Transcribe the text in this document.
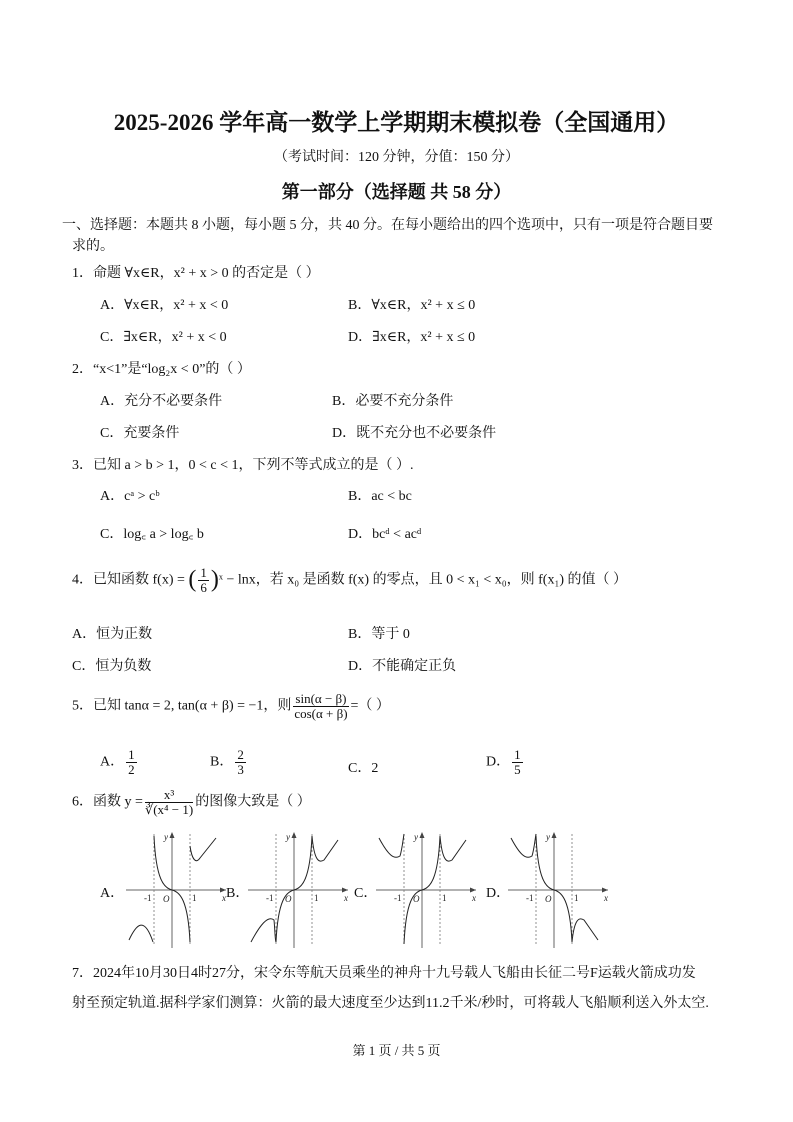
2025-2026 学年高一数学上学期期末模拟卷（全国通用）
（考试时间：120 分钟，分值：150 分）
第一部分（选择题 共 58 分）
一、选择题：本题共 8 小题，每小题 5 分，共 40 分。在每小题给出的四个选项中，只有一项是符合题目要
求的。
1．命题 ∀x∈R，x² + x > 0 的否定是（ ）
A．∀x∈R，x² + x < 0	B．∀x∈R，x² + x ≤ 0
C．∃x∈R，x² + x < 0	D．∃x∈R，x² + x ≤ 0
2．“x<1”是“log₂x < 0”的（ ）
A．充分不必要条件	B．必要不充分条件
C．充要条件	D．既不充分也不必要条件
3．已知 a > b > 1，0 < c < 1，下列不等式成立的是（ ）.
A．cᵃ > cᵇ	B．ac < bc
C．log꜀ a > log꜀ b	D．bcᵈ < acᵈ
4．已知函数 f(x) = ( $\frac{1}{6}$ )ˣ − lnx，若 x₀ 是函数 f(x) 的零点，且 0 < x₁ < x₀，则 f(x₁) 的值（ ）
A．恒为正数	B．等于 0
C．恒为负数	D．不能确定正负
5．已知 tanα = 2, tan(α + β) = −1，则 $\frac{\sin(\alpha - \beta)}{\cos(\alpha + \beta)}$ =（ ）
A． $\frac{1}{2}$	B． $\frac{2}{3}$	C．2	D． $\frac{1}{5}$
6．函数 $y = \frac{\text{x³}}{\text{∛(x⁴ − 1)}}$ 的图像大致是（ ）
A．	B．	C．	D．
-1 O	1	x
y
-1 O	1	x
y
-1 O	1	x
y
-1 O	1	x
y
7．2024年10月30日4时27分，宋令东等航天员乘坐的神舟十九号载人飞船由长征二号F运载火箭成功发
射至预定轨道.据科学家们测算：火箭的最大速度至少达到11.2千米/秒时，可将载人飞船顺利送入外太空.
第 1 页 / 共 5 页
